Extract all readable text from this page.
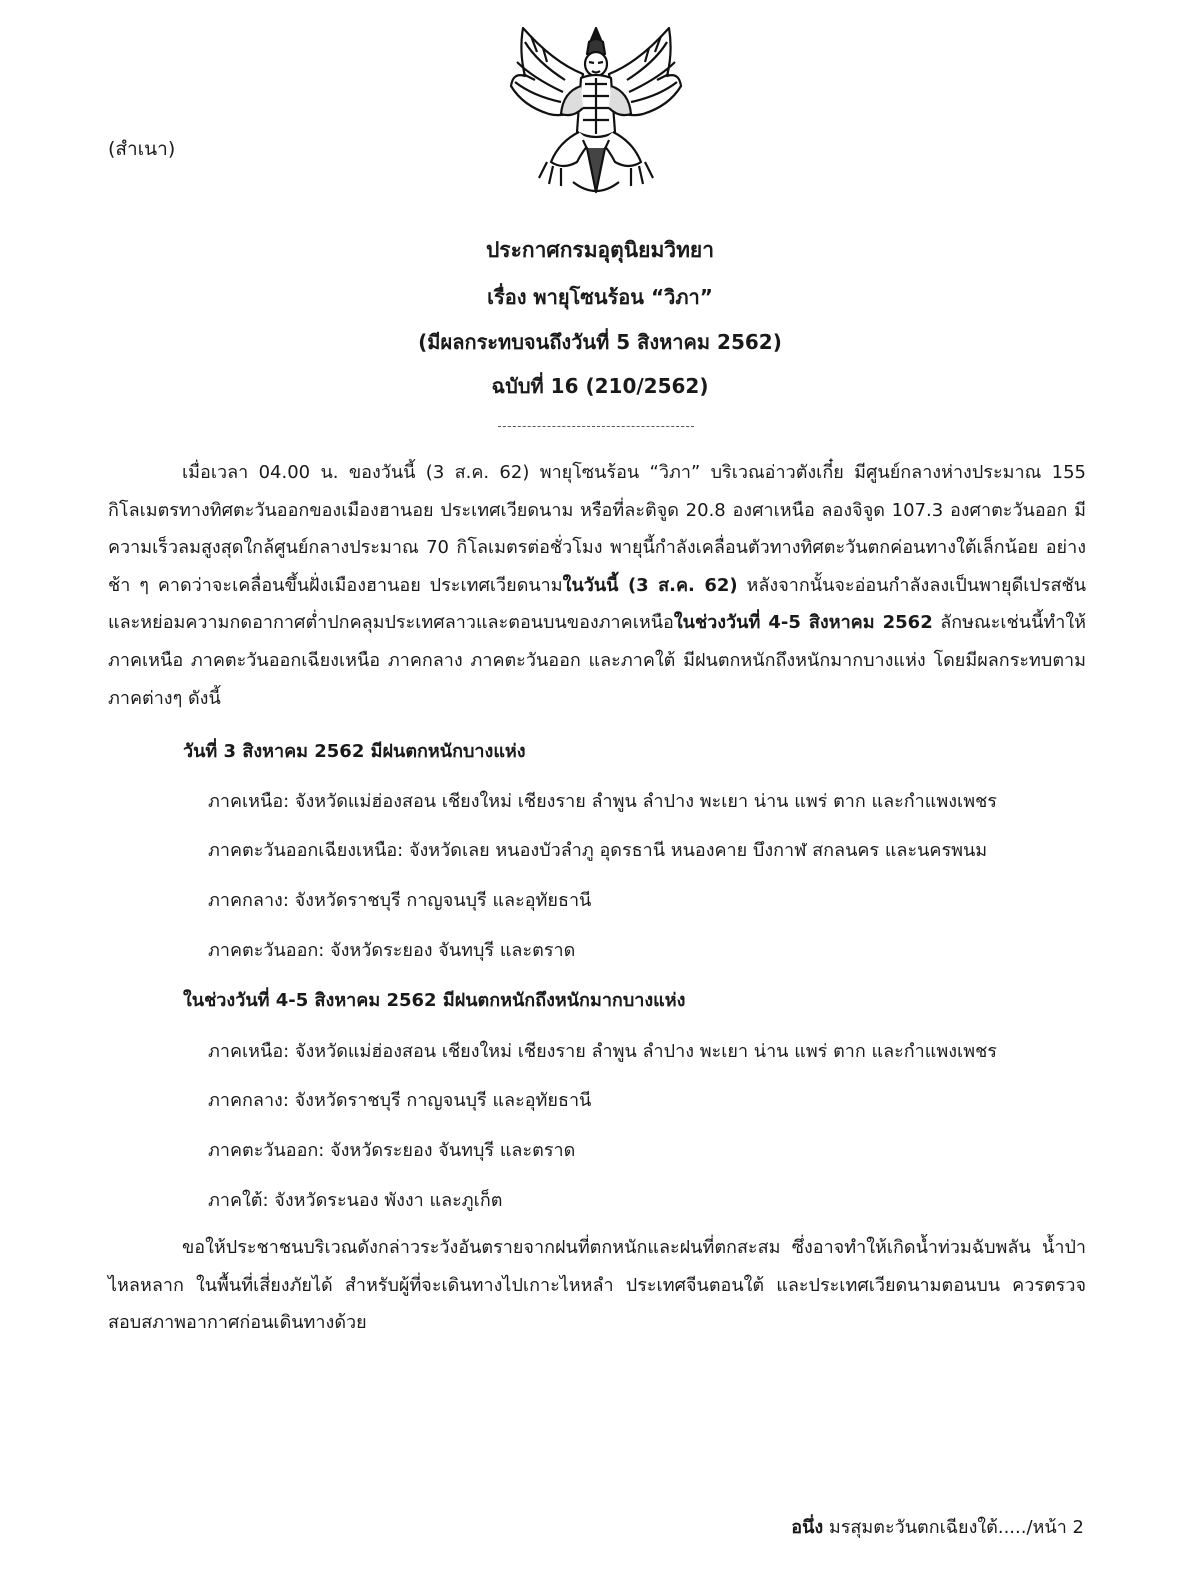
(สำเนา)
ประกาศกรมอุตุนิยมวิทยา
เรื่อง พายุโซนร้อน “วิภา”
(มีผลกระทบจนถึงวันที่ 5 สิงหาคม 2562)
ฉบับที่ 16 (210/2562)

เมื่อเวลา 04.00 น. ของวันนี้ (3 ส.ค. 62) พายุโซนร้อน “วิภา” บริเวณอ่าวตังเกี๋ย มีศูนย์กลางห่างประมาณ 155 กิโลเมตรทางทิศตะวันออกของเมืองฮานอย ประเทศเวียดนาม หรือที่ละติจูด 20.8 องศาเหนือ ลองจิจูด 107.3 องศาตะวันออก มีความเร็วลมสูงสุดใกล้ศูนย์กลางประมาณ 70 กิโลเมตรต่อชั่วโมง พายุนี้กำลังเคลื่อนตัวทางทิศตะวันตกค่อนทางใต้เล็กน้อย อย่างช้า ๆ คาดว่าจะเคลื่อนขึ้นฝั่งเมืองฮานอย ประเทศเวียดนามในวันนี้ (3 ส.ค. 62) หลังจากนั้นจะอ่อนกำลังลงเป็นพายุดีเปรสชัน และหย่อมความกดอากาศต่ำปกคลุมประเทศลาวและตอนบนของภาคเหนือในช่วงวันที่ 4-5 สิงหาคม 2562 ลักษณะเช่นนี้ทำให้ภาคเหนือ ภาคตะวันออกเฉียงเหนือ ภาคกลาง ภาคตะวันออก และภาคใต้ มีฝนตกหนักถึงหนักมากบางแห่ง โดยมีผลกระทบตามภาคต่างๆ ดังนี้

วันที่ 3 สิงหาคม 2562 มีฝนตกหนักบางแห่ง
ภาคเหนือ: จังหวัดแม่ฮ่องสอน เชียงใหม่ เชียงราย ลำพูน ลำปาง พะเยา น่าน แพร่ ตาก และกำแพงเพชร
ภาคตะวันออกเฉียงเหนือ: จังหวัดเลย หนองบัวลำภู อุดรธานี หนองคาย บึงกาฬ สกลนคร และนครพนม
ภาคกลาง: จังหวัดราชบุรี กาญจนบุรี และอุทัยธานี
ภาคตะวันออก: จังหวัดระยอง จันทบุรี และตราด
ในช่วงวันที่ 4-5 สิงหาคม 2562 มีฝนตกหนักถึงหนักมากบางแห่ง
ภาคเหนือ: จังหวัดแม่ฮ่องสอน เชียงใหม่ เชียงราย ลำพูน ลำปาง พะเยา น่าน แพร่ ตาก และกำแพงเพชร
ภาคกลาง: จังหวัดราชบุรี กาญจนบุรี และอุทัยธานี
ภาคตะวันออก: จังหวัดระยอง จันทบุรี และตราด
ภาคใต้: จังหวัดระนอง พังงา และภูเก็ต

ขอให้ประชาชนบริเวณดังกล่าวระวังอันตรายจากฝนที่ตกหนักและฝนที่ตกสะสม ซึ่งอาจทำให้เกิดน้ำท่วมฉับพลัน น้ำป่าไหลหลาก ในพื้นที่เสี่ยงภัยได้ สำหรับผู้ที่จะเดินทางไปเกาะไหหลำ ประเทศจีนตอนใต้ และประเทศเวียดนามตอนบน ควรตรวจสอบสภาพอากาศก่อนเดินทางด้วย

อนึ่ง มรสุมตะวันตกเฉียงใต้...../หน้า 2
